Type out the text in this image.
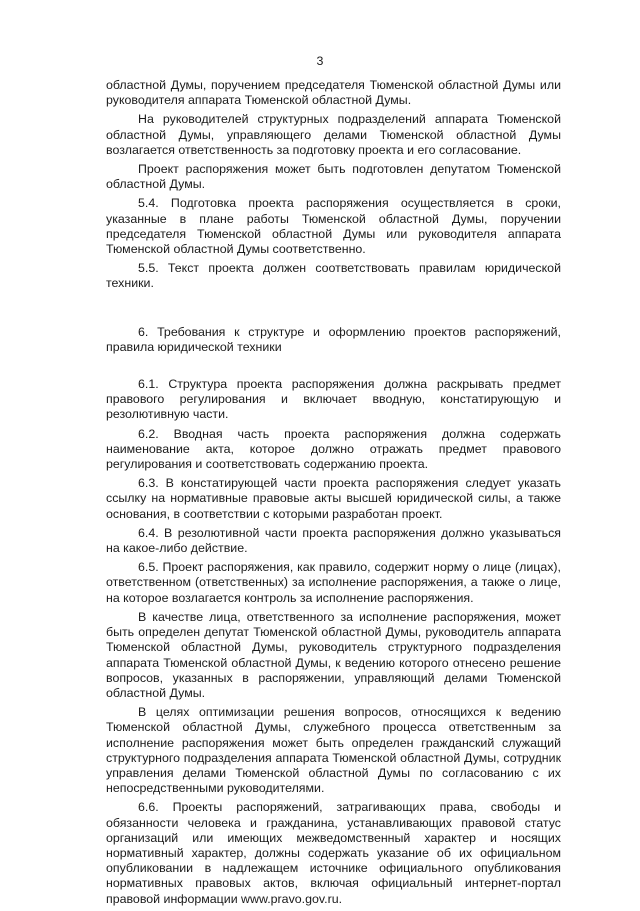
3

областной Думы, поручением председателя Тюменской областной Думы или руководителя аппарата Тюменской областной Думы.

На руководителей структурных подразделений аппарата Тюменской областной Думы, управляющего делами Тюменской областной Думы возлагается ответственность за подготовку проекта и его согласование.

Проект распоряжения может быть подготовлен депутатом Тюменской областной Думы.

5.4. Подготовка проекта распоряжения осуществляется в сроки, указанные в плане работы Тюменской областной Думы, поручении председателя Тюменской областной Думы или руководителя аппарата Тюменской областной Думы соответственно.

5.5. Текст проекта должен соответствовать правилам юридической техники.

6. Требования к структуре и оформлению проектов распоряжений, правила юридической техники

6.1. Структура проекта распоряжения должна раскрывать предмет правового регулирования и включает вводную, констатирующую и резолютивную части.

6.2. Вводная часть проекта распоряжения должна содержать наименование акта, которое должно отражать предмет правового регулирования и соответствовать содержанию проекта.

6.3. В констатирующей части проекта распоряжения следует указать ссылку на нормативные правовые акты высшей юридической силы, а также основания, в соответствии с которыми разработан проект.

6.4. В резолютивной части проекта распоряжения должно указываться на какое-либо действие.

6.5. Проект распоряжения, как правило, содержит норму о лице (лицах), ответственном (ответственных) за исполнение распоряжения, а также о лице, на которое возлагается контроль за исполнение распоряжения.

В качестве лица, ответственного за исполнение распоряжения, может быть определен депутат Тюменской областной Думы, руководитель аппарата Тюменской областной Думы, руководитель структурного подразделения аппарата Тюменской областной Думы, к ведению которого отнесено решение вопросов, указанных в распоряжении, управляющий делами Тюменской областной Думы.

В целях оптимизации решения вопросов, относящихся к ведению Тюменской областной Думы, служебного процесса ответственным за исполнение распоряжения может быть определен гражданский служащий структурного подразделения аппарата Тюменской областной Думы, сотрудник управления делами Тюменской областной Думы по согласованию с их непосредственными руководителями.

6.6. Проекты распоряжений, затрагивающих права, свободы и обязанности человека и гражданина, устанавливающих правовой статус организаций или имеющих межведомственный характер и носящих нормативный характер, должны содержать указание об их официальном опубликовании в надлежащем источнике официального опубликования нормативных правовых актов, включая официальный интернет-портал правовой информации www.pravo.gov.ru.
